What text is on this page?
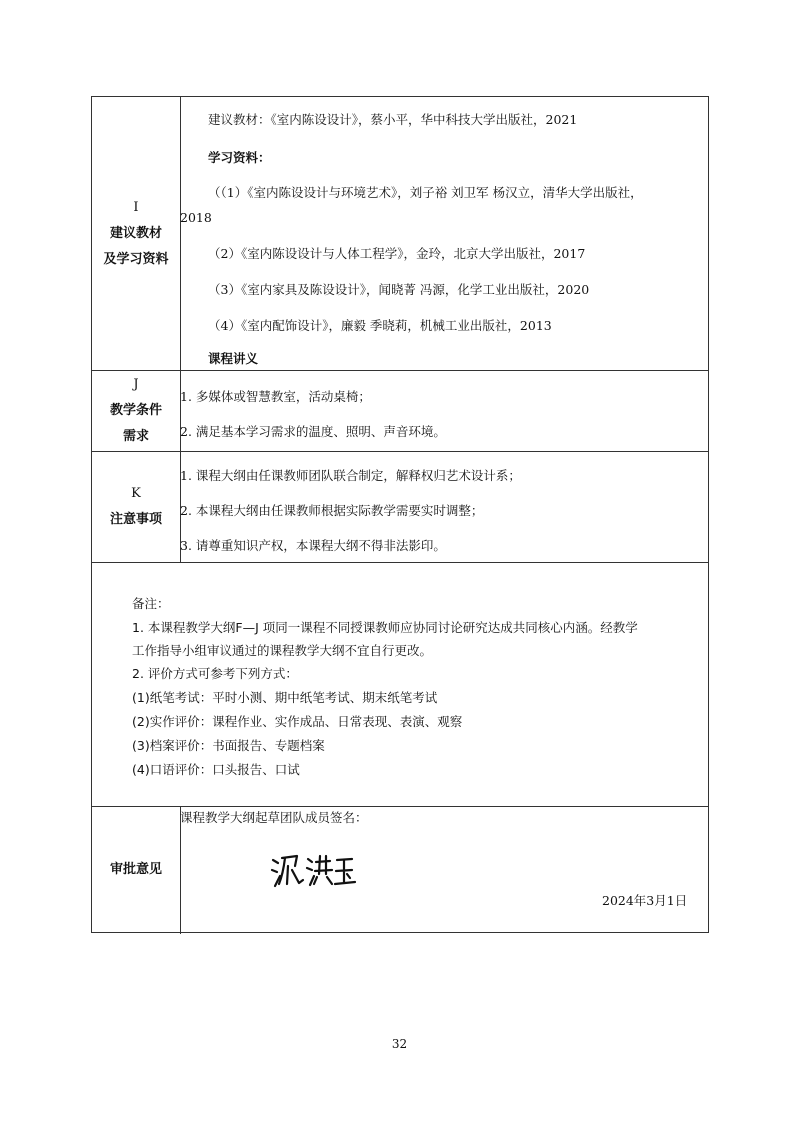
I
建议教材
及学习资料
建议教材：《室内陈设设计》，蔡小平，华中科技大学出版社，2021
学习资料：
（（1）《室内陈设设计与环境艺术》，刘子裕 刘卫军 杨汉立，清华大学出版社，
2018
（2）《室内陈设设计与人体工程学》，金玲，北京大学出版社，2017
（3）《室内家具及陈设设计》，闻晓菁 冯源，化学工业出版社，2020
（4）《室内配饰设计》，廉毅 季晓莉，机械工业出版社，2013
课程讲义
J
教学条件
需求
1. 多媒体或智慧教室，活动桌椅；
2. 满足基本学习需求的温度、照明、声音环境。
K
注意事项
1. 课程大纲由任课教师团队联合制定，解释权归艺术设计系；
2. 本课程大纲由任课教师根据实际教学需要实时调整；
3. 请尊重知识产权，本课程大纲不得非法影印。
备注：
1. 本课程教学大纲F—J 项同一课程不同授课教师应协同讨论研究达成共同核心内涵。经教学
工作指导小组审议通过的课程教学大纲不宜自行更改。
2. 评价方式可参考下列方式：
(1)纸笔考试：平时小测、期中纸笔考试、期末纸笔考试
(2)实作评价：课程作业、实作成品、日常表现、表演、观察
(3)档案评价：书面报告、专题档案
(4)口语评价：口头报告、口试
审批意见
课程教学大纲起草团队成员签名：
2024年3月1日
32
